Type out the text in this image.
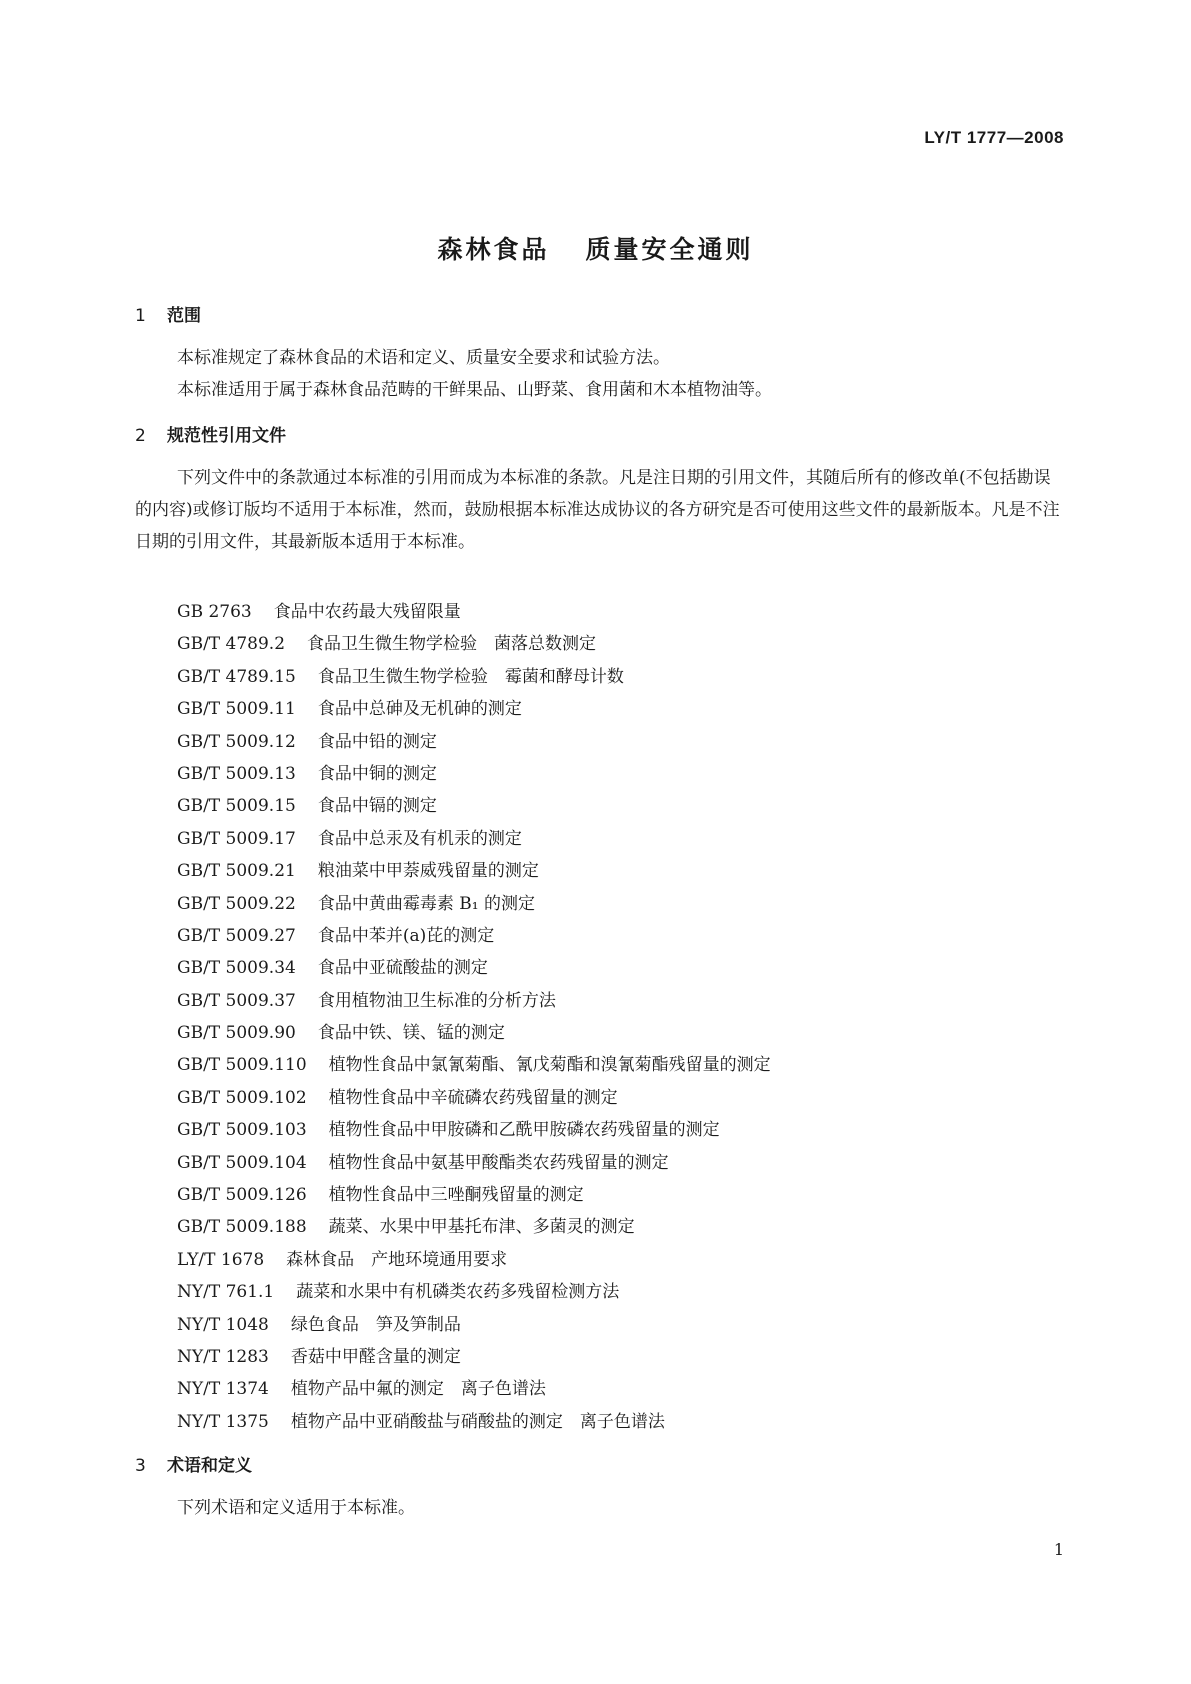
LY/T 1777—2008
森林食品 质量安全通则
1 范围

本标准规定了森林食品的术语和定义、质量安全要求和试验方法。

本标准适用于属于森林食品范畴的干鲜果品、山野菜、食用菌和木本植物油等。

2 规范性引用文件

下列文件中的条款通过本标准的引用而成为本标准的条款。凡是注日期的引用文件，其随后所有的修改单(不包括勘误的内容)或修订版均不适用于本标准，然而，鼓励根据本标准达成协议的各方研究是否可使用这些文件的最新版本。凡是不注日期的引用文件，其最新版本适用于本标准。

GB 2763 食品中农药最大残留限量
GB/T 4789.2 食品卫生微生物学检验　菌落总数测定
GB/T 4789.15 食品卫生微生物学检验　霉菌和酵母计数
GB/T 5009.11 食品中总砷及无机砷的测定
GB/T 5009.12 食品中铅的测定
GB/T 5009.13 食品中铜的测定
GB/T 5009.15 食品中镉的测定
GB/T 5009.17 食品中总汞及有机汞的测定
GB/T 5009.21 粮油菜中甲萘威残留量的测定
GB/T 5009.22 食品中黄曲霉毒素 B₁ 的测定
GB/T 5009.27 食品中苯并(a)芘的测定
GB/T 5009.34 食品中亚硫酸盐的测定
GB/T 5009.37 食用植物油卫生标准的分析方法
GB/T 5009.90 食品中铁、镁、锰的测定
GB/T 5009.110 植物性食品中氯氰菊酯、氰戊菊酯和溴氰菊酯残留量的测定
GB/T 5009.102 植物性食品中辛硫磷农药残留量的测定
GB/T 5009.103 植物性食品中甲胺磷和乙酰甲胺磷农药残留量的测定
GB/T 5009.104 植物性食品中氨基甲酸酯类农药残留量的测定
GB/T 5009.126 植物性食品中三唑酮残留量的测定
GB/T 5009.188 蔬菜、水果中甲基托布津、多菌灵的测定
LY/T 1678 森林食品　产地环境通用要求
NY/T 761.1 蔬菜和水果中有机磷类农药多残留检测方法
NY/T 1048 绿色食品　笋及笋制品
NY/T 1283 香菇中甲醛含量的测定
NY/T 1374 植物产品中氟的测定　离子色谱法
NY/T 1375 植物产品中亚硝酸盐与硝酸盐的测定　离子色谱法
3 术语和定义

下列术语和定义适用于本标准。

1
